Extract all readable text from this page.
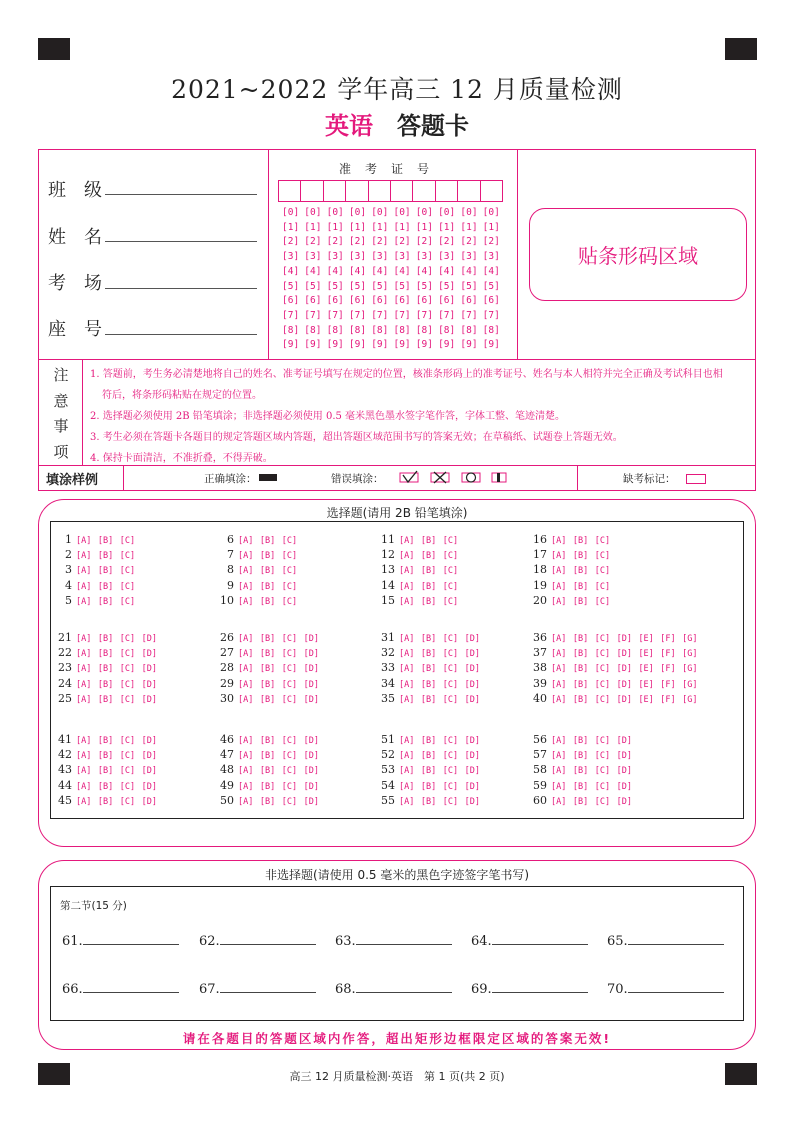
2021~2022 学年高三 12 月质量检测
英语 答题卡
班级
姓名
考场
座号
准考证号
[0] [0] [0] [0] [0] [0] [0] [0] [0] [0]
[1] [1] [1] [1] [1] [1] [1] [1] [1] [1]
[2] [2] [2] [2] [2] [2] [2] [2] [2] [2]
[3] [3] [3] [3] [3] [3] [3] [3] [3] [3]
[4] [4] [4] [4] [4] [4] [4] [4] [4] [4]
[5] [5] [5] [5] [5] [5] [5] [5] [5] [5]
[6] [6] [6] [6] [6] [6] [6] [6] [6] [6]
[7] [7] [7] [7] [7] [7] [7] [7] [7] [7]
[8] [8] [8] [8] [8] [8] [8] [8] [8] [8]
[9] [9] [9] [9] [9] [9] [9] [9] [9] [9]
贴条形码区域
注
意
事
项

1. 答题前，考生务必清楚地将自己的姓名、准考证号填写在规定的位置，核准条形码上的准考证号、姓名与本人相符并完全正确及考试科目也相

符后，将条形码粘贴在规定的位置。

2. 选择题必须使用 2B 铅笔填涂；非选择题必须使用 0.5 毫米黑色墨水签字笔作答，字体工整、笔迹清楚。

3. 考生必须在答题卡各题目的规定答题区域内答题，超出答题区域范围书写的答案无效；在草稿纸、试题卷上答题无效。

4. 保持卡面清洁，不准折叠，不得弄破。

填涂样例	正确填涂：	错误填涂：	缺考标记：
选择题(请用 2B 铅笔填涂)
1 [A] [B] [C]
2 [A] [B] [C]
3 [A] [B] [C]
4 [A] [B] [C]
5 [A] [B] [C]
6 [A] [B] [C]
7 [A] [B] [C]
8 [A] [B] [C]
9 [A] [B] [C]
10 [A] [B] [C]
11 [A] [B] [C]
12 [A] [B] [C]
13 [A] [B] [C]
14 [A] [B] [C]
15 [A] [B] [C]
16 [A] [B] [C]
17 [A] [B] [C]
18 [A] [B] [C]
19 [A] [B] [C]
20 [A] [B] [C]
21 [A] [B] [C] [D]
22 [A] [B] [C] [D]
23 [A] [B] [C] [D]
24 [A] [B] [C] [D]
25 [A] [B] [C] [D]
26 [A] [B] [C] [D]
27 [A] [B] [C] [D]
28 [A] [B] [C] [D]
29 [A] [B] [C] [D]
30 [A] [B] [C] [D]
31 [A] [B] [C] [D]
32 [A] [B] [C] [D]
33 [A] [B] [C] [D]
34 [A] [B] [C] [D]
35 [A] [B] [C] [D]
36 [A] [B] [C] [D] [E] [F] [G]
37 [A] [B] [C] [D] [E] [F] [G]
38 [A] [B] [C] [D] [E] [F] [G]
39 [A] [B] [C] [D] [E] [F] [G]
40 [A] [B] [C] [D] [E] [F] [G]
41 [A] [B] [C] [D]
42 [A] [B] [C] [D]
43 [A] [B] [C] [D]
44 [A] [B] [C] [D]
45 [A] [B] [C] [D]
46 [A] [B] [C] [D]
47 [A] [B] [C] [D]
48 [A] [B] [C] [D]
49 [A] [B] [C] [D]
50 [A] [B] [C] [D]
51 [A] [B] [C] [D]
52 [A] [B] [C] [D]
53 [A] [B] [C] [D]
54 [A] [B] [C] [D]
55 [A] [B] [C] [D]
56 [A] [B] [C] [D]
57 [A] [B] [C] [D]
58 [A] [B] [C] [D]
59 [A] [B] [C] [D]
60 [A] [B] [C] [D]
非选择题(请使用 0.5 毫米的黑色字迹签字笔书写)
第二节(15 分)
61.	62.	63.	64.	65.
66.	67.	68.	69.	70.
请在各题目的答题区域内作答，超出矩形边框限定区域的答案无效!
高三 12 月质量检测·英语　第 1 页(共 2 页)
